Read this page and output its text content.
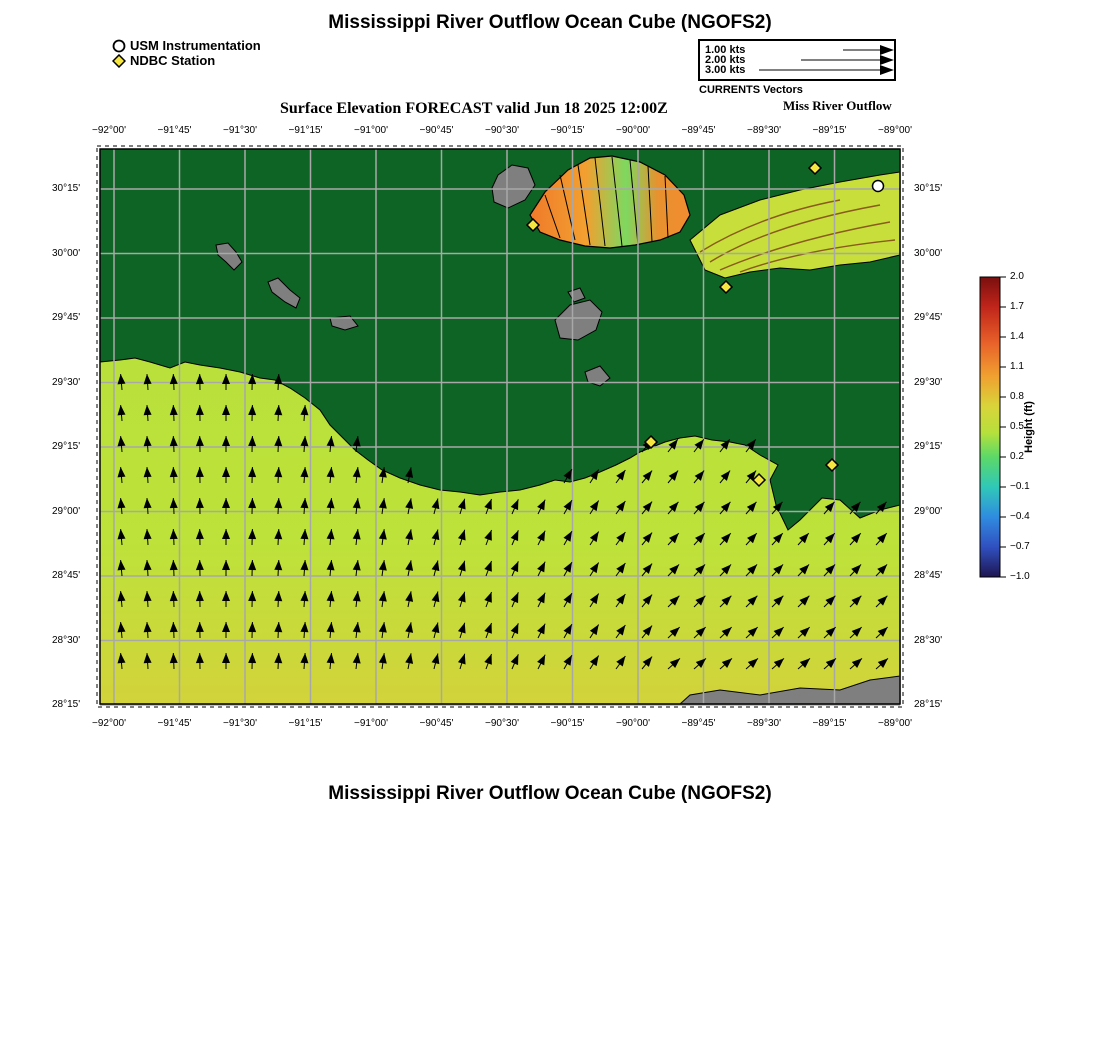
Mississippi River Outflow Ocean Cube (NGOFS2)
USM Instrumentation
NDBC Station
1.00 kts
2.00 kts
3.00 kts
CURRENTS Vectors
Surface Elevation FORECAST valid Jun 18 2025 12:00Z	Miss River Outflow
−92°00'
−92°00'
−91°45'
−91°45'
−91°30'
−91°30'
−91°15'
−91°15'
−91°00'
−91°00'
−90°45'
−90°45'
−90°30'
−90°30'
−90°15'
−90°15'
−90°00'
−90°00'
−89°45'
−89°45'
−89°30'
−89°30'
−89°15'
−89°15'
−89°00'
−89°00'
30°15'	30°15'
30°00'	30°00'
29°45'	29°45'
29°30'	29°30'
29°15'	29°15'
29°00'	29°00'
28°45'	28°45'
28°30'	28°30'
28°15'	28°15'
Height (ft)
2.0
1.7
1.4
1.1
0.8
0.5
0.2
−0.1
−0.4
−0.7
−1.0
Mississippi River Outflow Ocean Cube (NGOFS2)
